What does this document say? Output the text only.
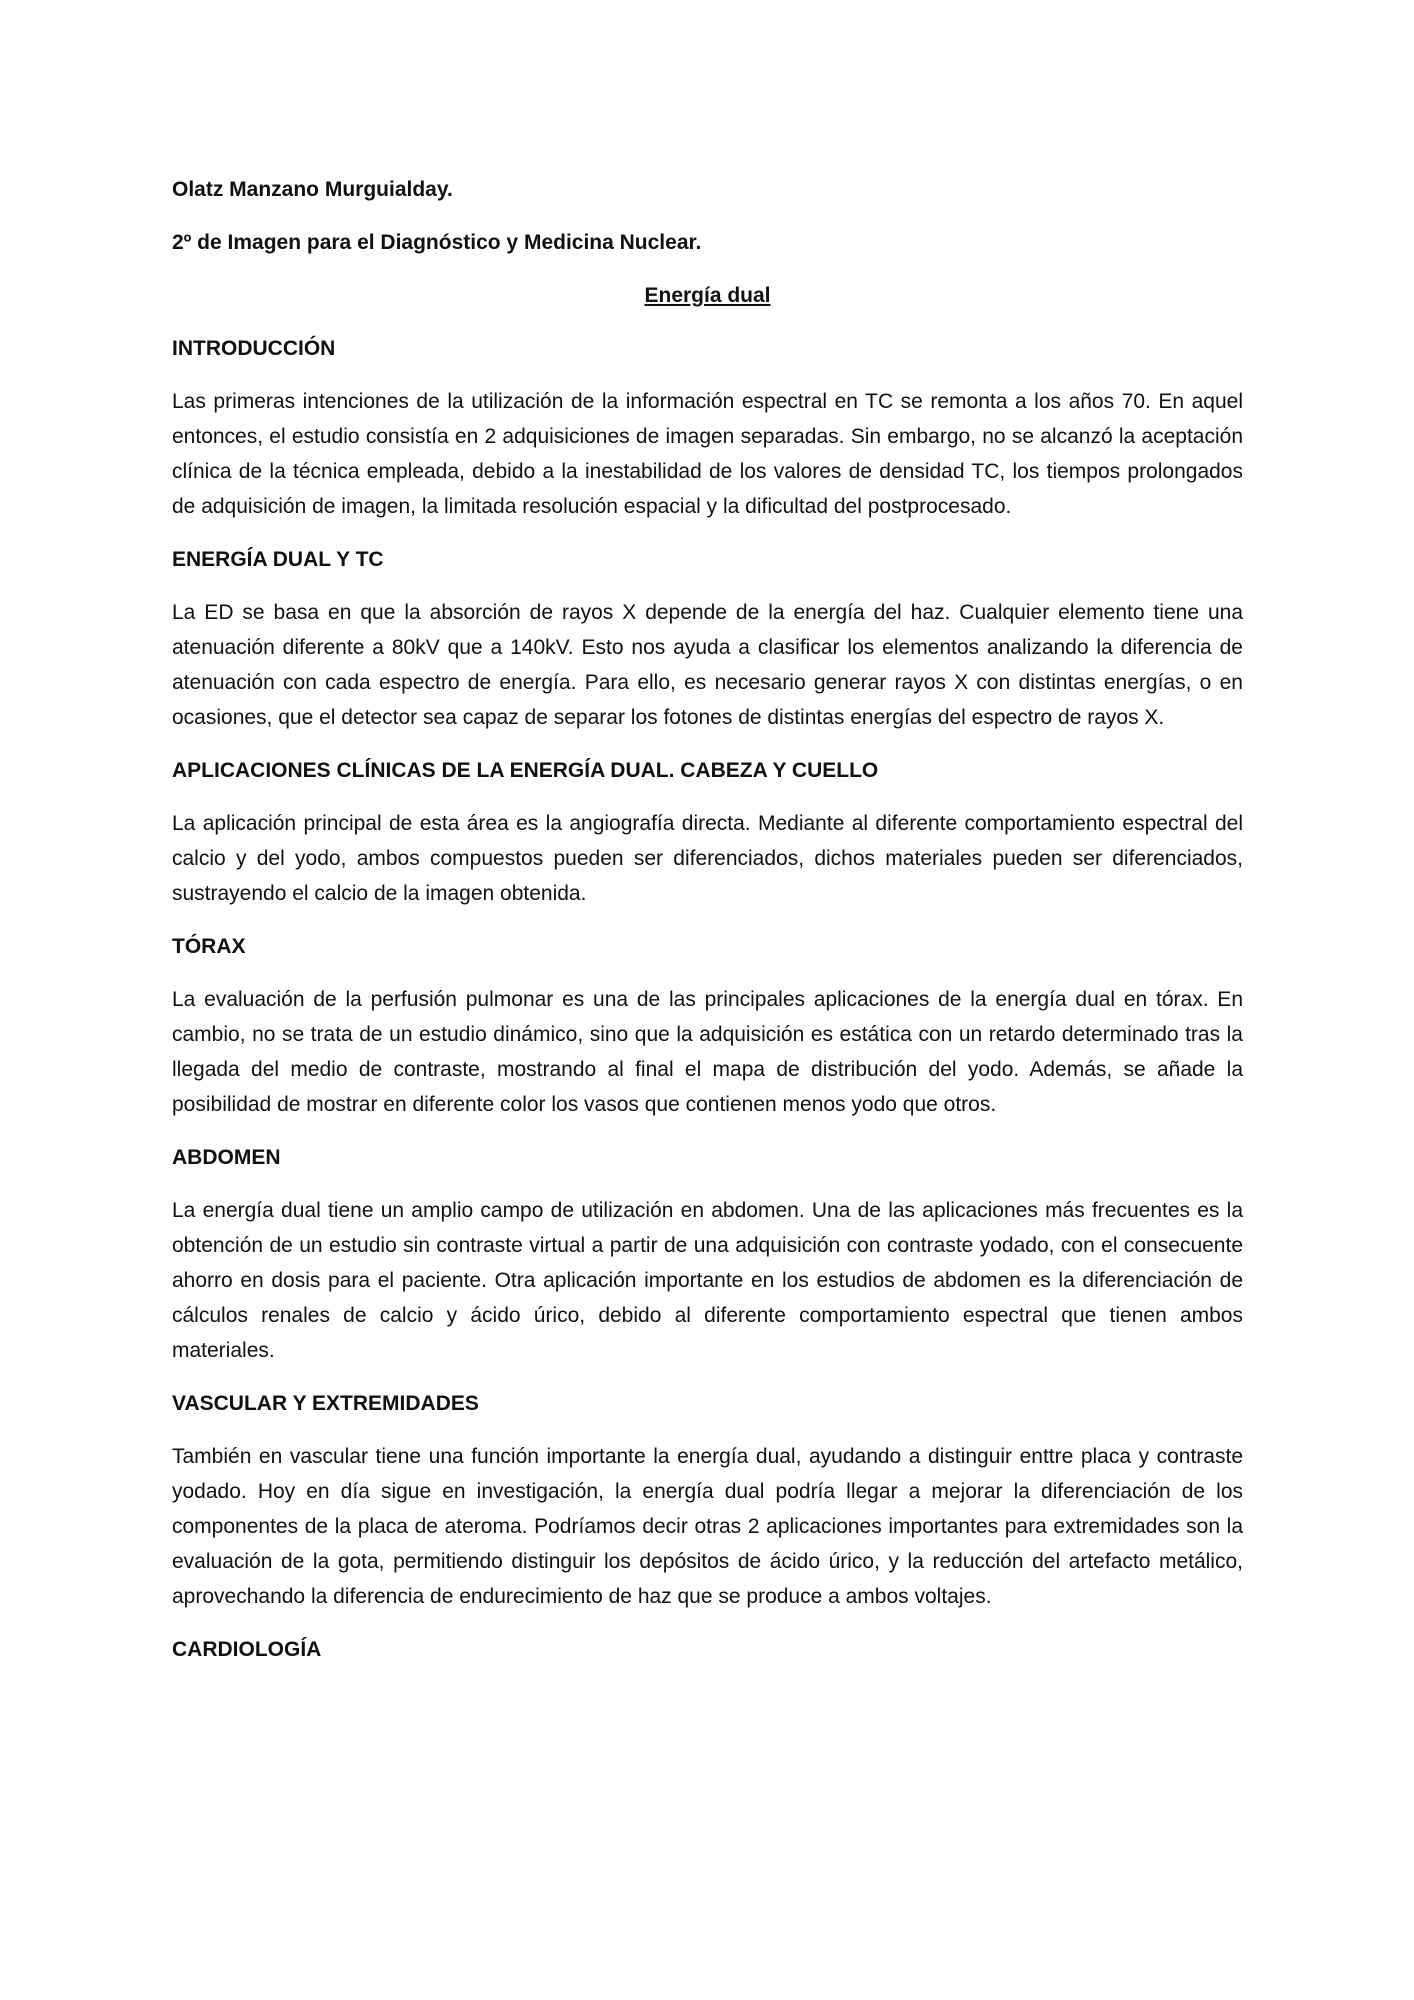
Olatz Manzano Murguialday.

2º de Imagen para el Diagnóstico y Medicina Nuclear.

Energía dual

INTRODUCCIÓN

Las primeras intenciones de la utilización de la información espectral en TC se remonta a los años 70. En aquel entonces, el estudio consistía en 2 adquisiciones de imagen separadas. Sin embargo, no se alcanzó la aceptación clínica de la técnica empleada, debido a la inestabilidad de los valores de densidad TC, los tiempos prolongados de adquisición de imagen, la limitada resolución espacial y la dificultad del postprocesado.

ENERGÍA DUAL Y TC

La ED se basa en que la absorción de rayos X depende de la energía del haz. Cualquier elemento tiene una atenuación diferente a 80kV que a 140kV. Esto nos ayuda a clasificar los elementos analizando la diferencia de atenuación con cada espectro de energía. Para ello, es necesario generar rayos X con distintas energías, o en ocasiones, que el detector sea capaz de separar los fotones de distintas energías del espectro de rayos X.

APLICACIONES CLÍNICAS DE LA ENERGÍA DUAL. CABEZA Y CUELLO

La aplicación principal de esta área es la angiografía directa. Mediante al diferente comportamiento espectral del calcio y del yodo, ambos compuestos pueden ser diferenciados, dichos materiales pueden ser diferenciados, sustrayendo el calcio de la imagen obtenida.

TÓRAX

La evaluación de la perfusión pulmonar es una de las principales aplicaciones de la energía dual en tórax. En cambio, no se trata de un estudio dinámico, sino que la adquisición es estática con un retardo determinado tras la llegada del medio de contraste, mostrando al final el mapa de distribución del yodo. Además, se añade la posibilidad de mostrar en diferente color los vasos que contienen menos yodo que otros.

ABDOMEN

La energía dual tiene un amplio campo de utilización en abdomen. Una de las aplicaciones más frecuentes es la obtención de un estudio sin contraste virtual a partir de una adquisición con contraste yodado, con el consecuente ahorro en dosis para el paciente. Otra aplicación importante en los estudios de abdomen es la diferenciación de cálculos renales de calcio y ácido úrico, debido al diferente comportamiento espectral que tienen ambos materiales.

VASCULAR Y EXTREMIDADES

También en vascular tiene una función importante la energía dual, ayudando a distinguir enttre placa y contraste yodado. Hoy en día sigue en investigación, la energía dual podría llegar a mejorar la diferenciación de los componentes de la placa de ateroma. Podríamos decir otras 2 aplicaciones importantes para extremidades son la evaluación de la gota, permitiendo distinguir los depósitos de ácido úrico, y la reducción del artefacto metálico, aprovechando la diferencia de endurecimiento de haz que se produce a ambos voltajes.

CARDIOLOGÍA
